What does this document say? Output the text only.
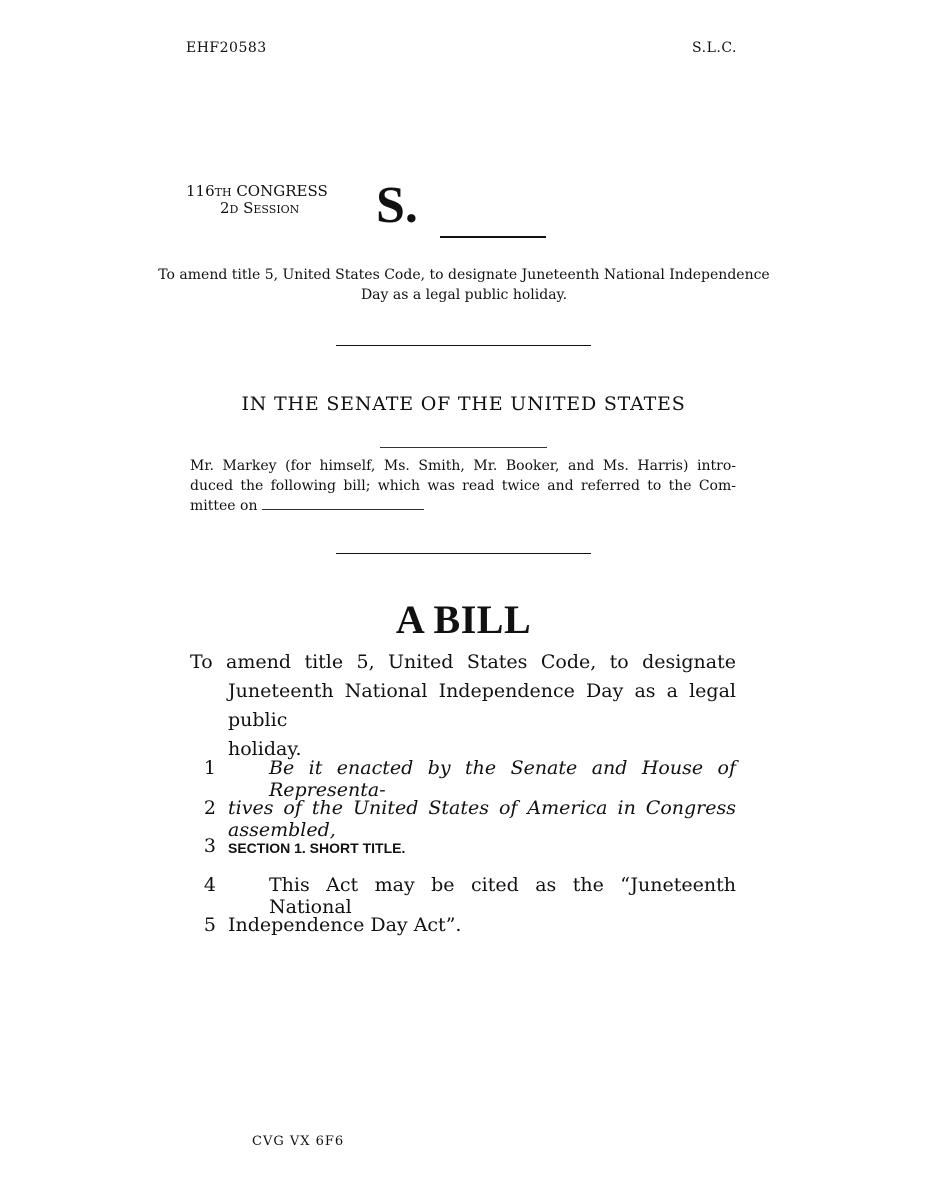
EHF20583	S.L.C.
116th CONGRESS
2d Session	S.
To amend title 5, United States Code, to designate Juneteenth National Independence Day as a legal public holiday.
IN THE SENATE OF THE UNITED STATES
Mr. Markey (for himself, Ms. Smith, Mr. Booker, and Ms. Harris) intro-
duced the following bill; which was read twice and referred to the Com-
mittee on
A BILL
To amend title 5, United States Code, to designate
Juneteenth National Independence Day as a legal public
holiday.
1	Be it enacted by the Senate and House of Representa-
2 tives of the United States of America in Congress assembled,
3 SECTION 1. SHORT TITLE.
4	This Act may be cited as the “Juneteenth National
5 Independence Day Act”.
CVG VX 6F6
